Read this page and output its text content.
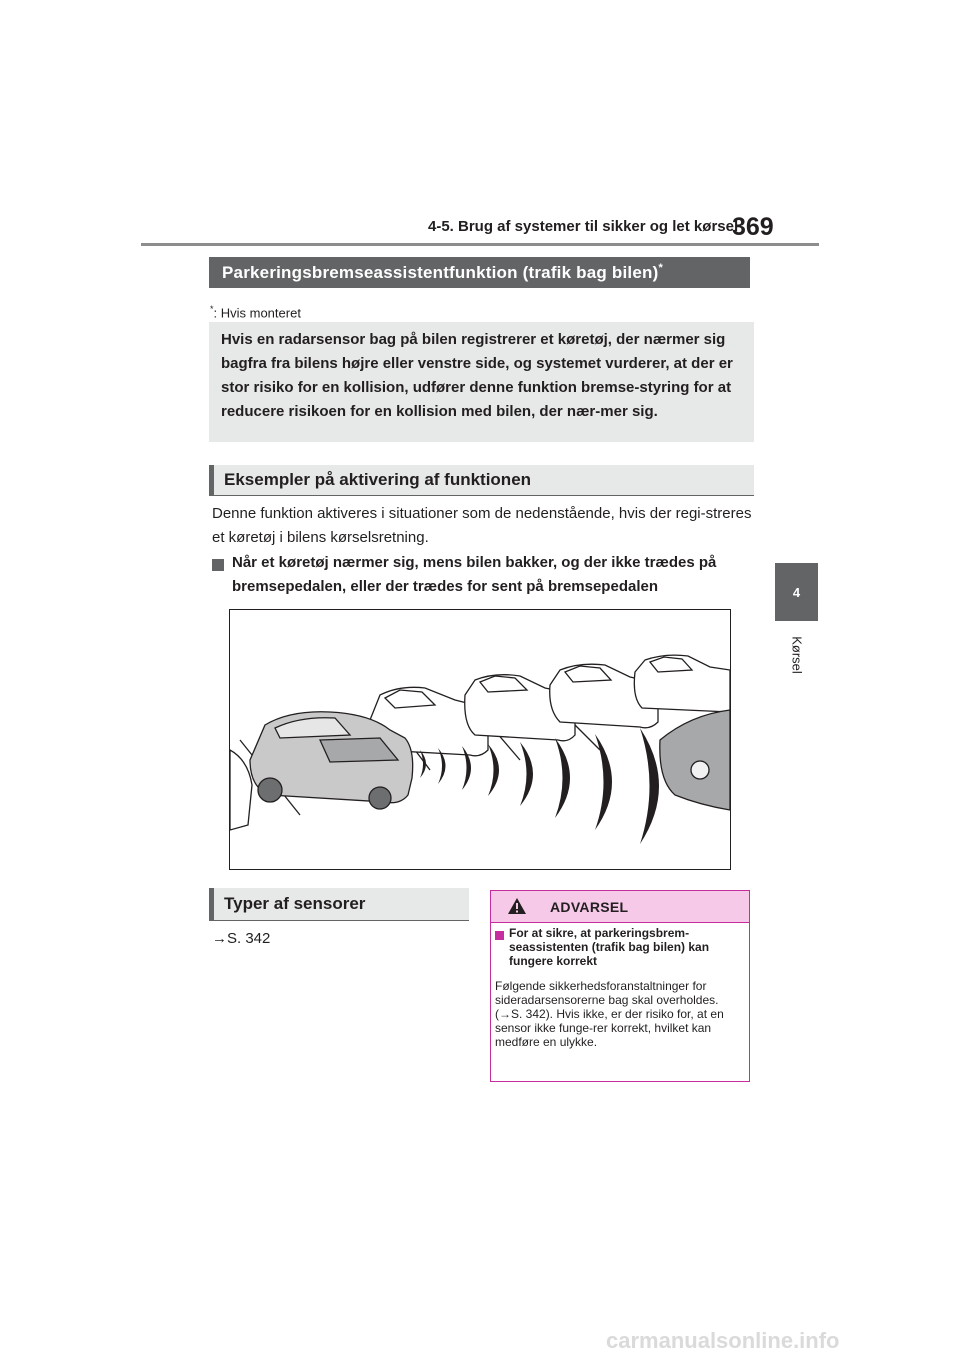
4-5. Brug af systemer til sikker og let kørsel
369
4
Kørsel
Parkeringsbremseassistentfunktion (trafik bag bilen)*
*: Hvis monteret
Hvis en radarsensor bag på bilen registrerer et køretøj, der nærmer sig bagfra fra bilens højre eller venstre side, og systemet vurderer, at der er stor risiko for en kollision, udfører denne funktion bremse-styring for at reducere risikoen for en kollision med bilen, der nær-mer sig.
Eksempler på aktivering af funktionen
Denne funktion aktiveres i situationer som de nedenstående, hvis der regi-streres et køretøj i bilens kørselsretning.
Når et køretøj nærmer sig, mens bilen bakker, og der ikke trædes på bremsepedalen, eller der trædes for sent på bremsepedalen
Typer af sensorer
→S. 342
ADVARSEL
For at sikre, at parkeringsbrem-seassistenten (trafik bag bilen) kan fungere korrekt
Følgende sikkerhedsforanstaltninger for sideradarsensorerne bag skal overholdes. (→S. 342). Hvis ikke, er der risiko for, at en sensor ikke funge-rer korrekt, hvilket kan medføre en ulykke.
carmanualsonline.info
